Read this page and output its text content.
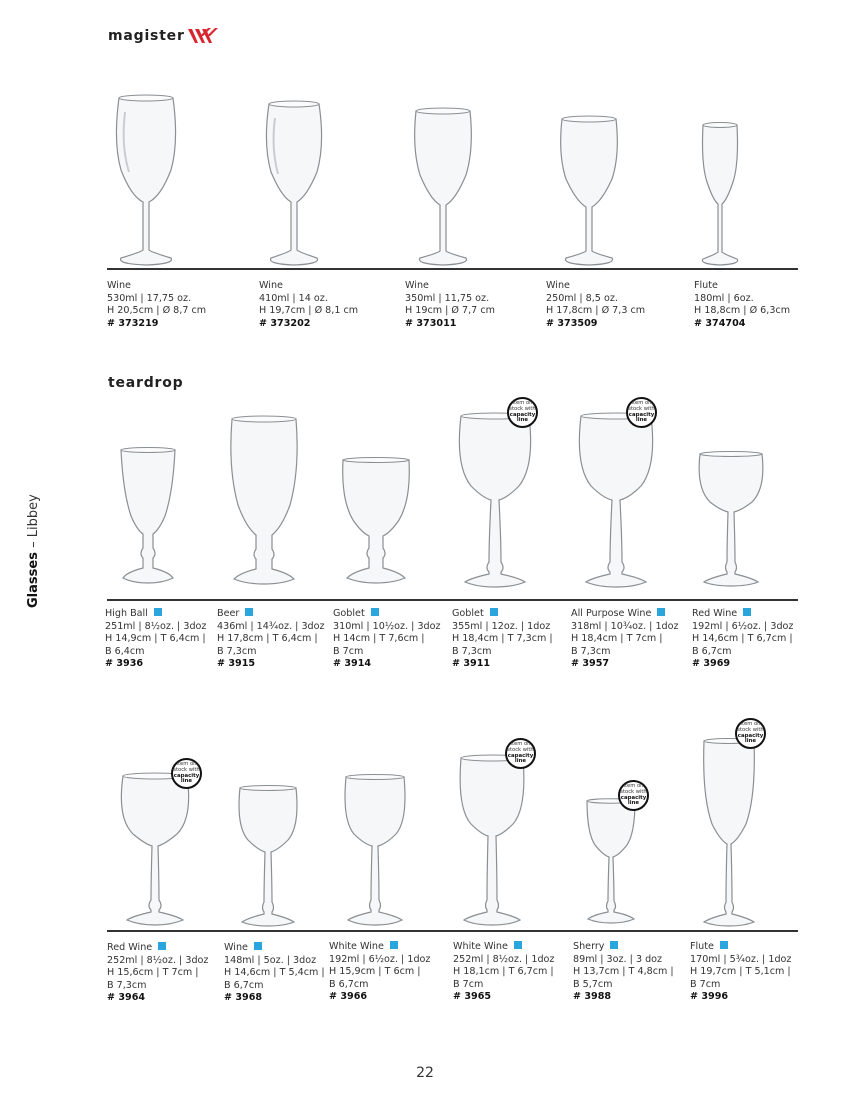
magister
Wine
530ml | 17,75 oz.
H 20,5cm | Ø 8,7 cm
# 373219
Wine
410ml | 14 oz.
H 19,7cm | Ø 8,1 cm
# 373202
Wine
350ml | 11,75 oz.
H 19cm | Ø 7,7 cm
# 373011
Wine
250ml | 8,5 oz.
H 17,8cm | Ø 7,3 cm
# 373509
Flute
180ml | 6oz.
H 18,8cm | Ø 6,3cm
# 374704
teardrop
item on
stock with
capacity
line
item on
stock with
capacity
line
High Ball
251ml | 8½oz. | 3doz
H 14,9cm | T 6,4cm |
B 6,4cm
# 3936
Beer
436ml | 14¾oz. | 3doz
H 17,8cm | T 6,4cm |
B 7,3cm
# 3915
Goblet
310ml | 10½oz. | 3doz
H 14cm | T 7,6cm |
B 7cm
# 3914
Goblet
355ml | 12oz. | 1doz
H 18,4cm | T 7,3cm |
B 7,3cm
# 3911
All Purpose Wine
318ml | 10¾oz. | 1doz
H 18,4cm | T 7cm |
B 7,3cm
# 3957
Red Wine
192ml | 6½oz. | 3doz
H 14,6cm | T 6,7cm |
B 6,7cm
# 3969
item on
stock with
capacity
line
item on
stock with
capacity
line
item on
stock with
capacity
line
item on
stock with
capacity
line
Red Wine
252ml | 8½oz. | 3doz
H 15,6cm | T 7cm |
B 7,3cm
# 3964
Wine
148ml | 5oz. | 3doz
H 14,6cm | T 5,4cm |
B 6,7cm
# 3968
White Wine
192ml | 6½oz. | 1doz
H 15,9cm | T 6cm |
B 6,7cm
# 3966
White Wine
252ml | 8½oz. | 1doz
H 18,1cm | T 6,7cm |
B 7cm
# 3965
Sherry
89ml | 3oz. | 3 doz
H 13,7cm | T 4,8cm |
B 5,7cm
# 3988
Flute
170ml | 5¾oz. | 1doz
H 19,7cm | T 5,1cm |
B 7cm
# 3996
Glasses – Libbey
22
